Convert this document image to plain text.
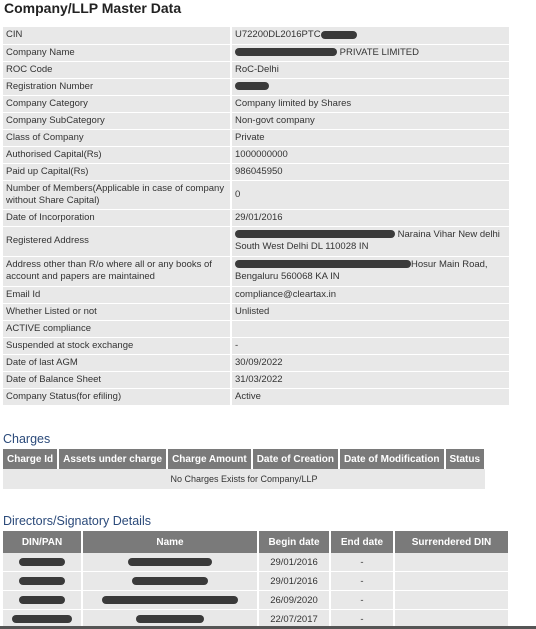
Company/LLP Master Data
CIN	U72200DL2016PTC
Company Name	PRIVATE LIMITED
ROC Code	RoC-Delhi
Registration Number	
Company Category	Company limited by Shares
Company SubCategory	Non-govt company
Class of Company	Private
Authorised Capital(Rs)	1000000000
Paid up Capital(Rs)	986045950
Number of Members(Applicable in case of company without Share Capital)	0
Date of Incorporation	29/01/2016
Registered Address	Naraina Vihar New delhi
South West Delhi DL 110028 IN
Address other than R/o where all or any books of account and papers are maintained	Hosur Main Road,
Bengaluru 560068 KA IN
Email Id	compliance@cleartax.in
Whether Listed or not	Unlisted
ACTIVE compliance	
Suspended at stock exchange	-
Date of last AGM	30/09/2022
Date of Balance Sheet	31/03/2022
Company Status(for efiling)	Active
Charges
Charge Id	Assets under charge	Charge Amount	Date of Creation	Date of Modification	Status
No Charges Exists for Company/LLP
Directors/Signatory Details
DIN/PAN	Name	Begin date	End date	Surrendered DIN
		29/01/2016	-	
		29/01/2016	-	
		26/09/2020	-	
		22/07/2017	-	
